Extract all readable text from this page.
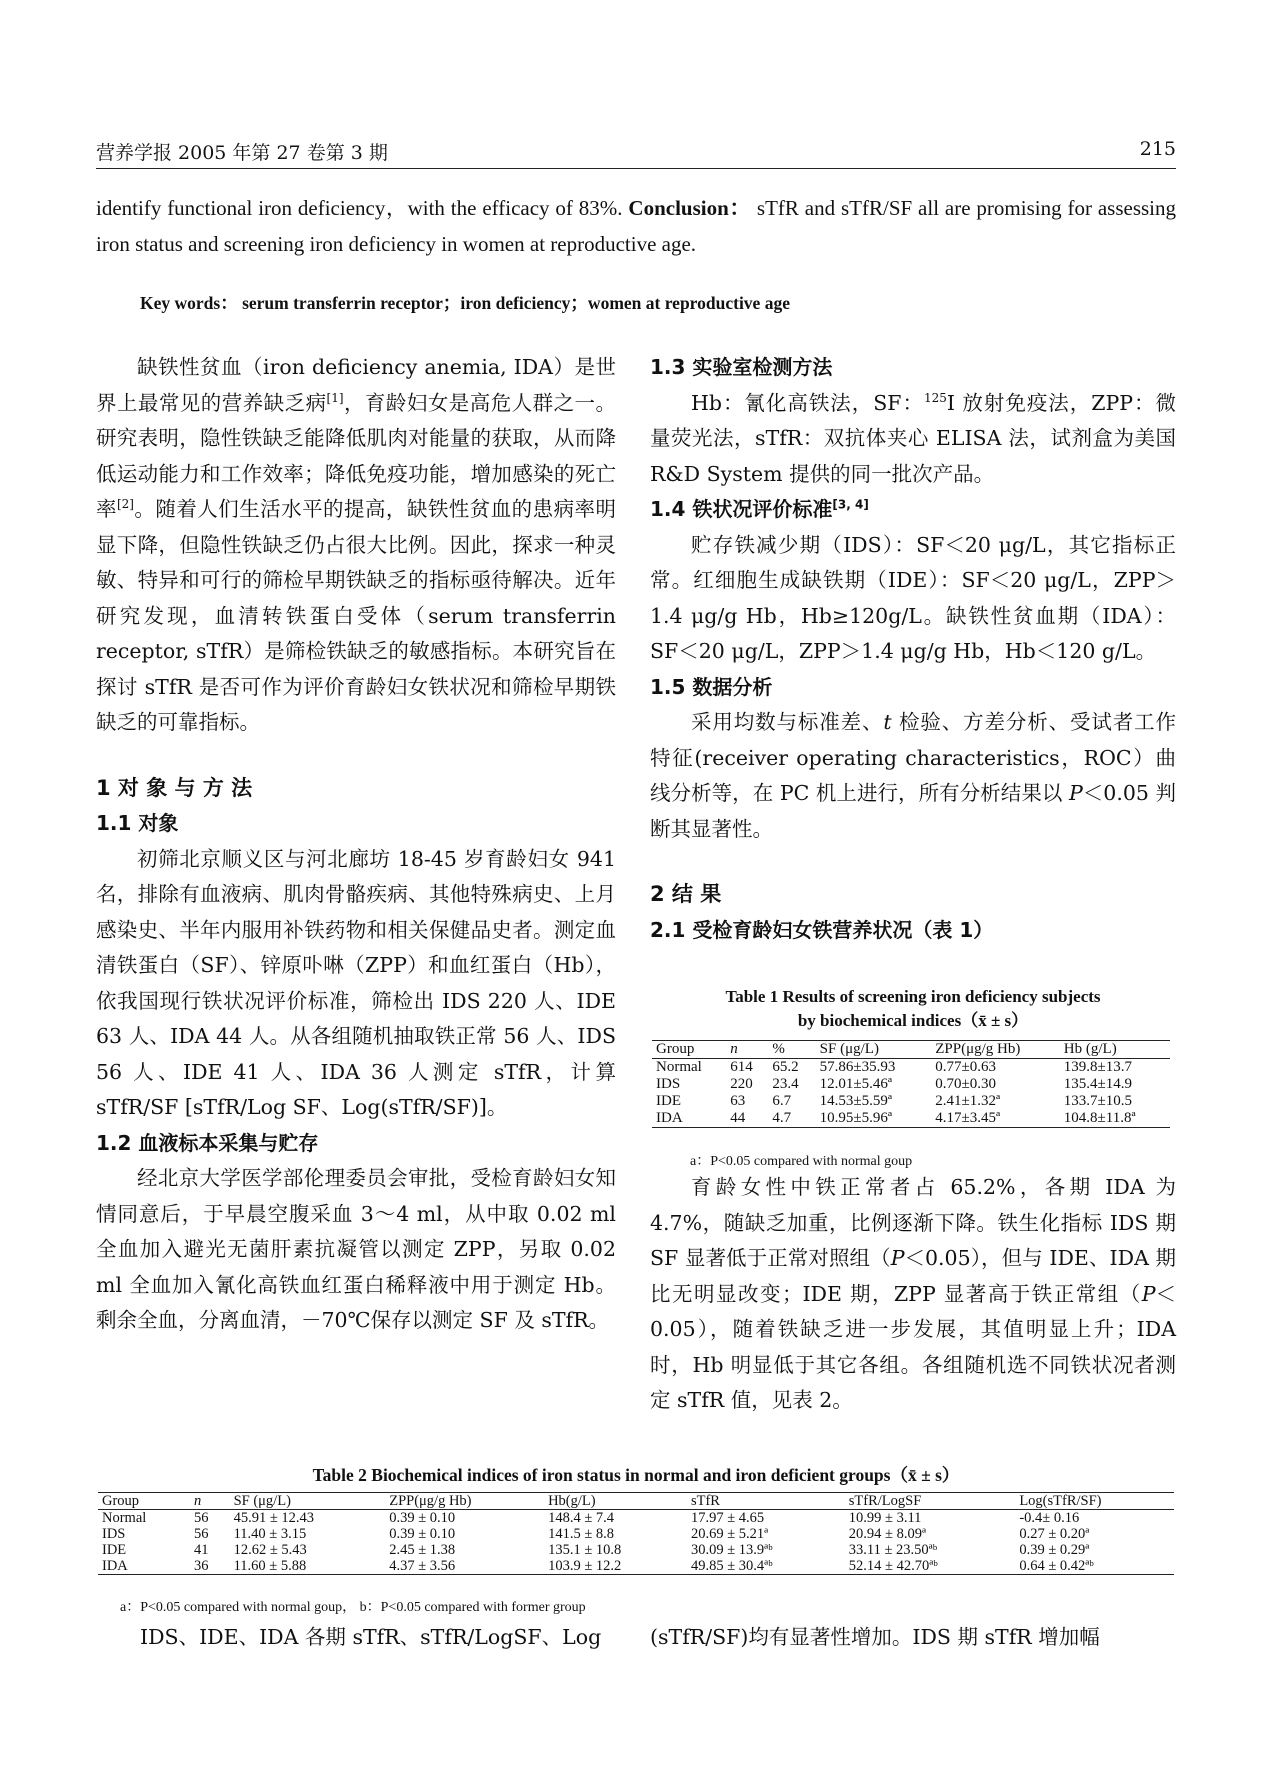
营养学报 2005 年第 27 卷第 3 期	215
identify functional iron deficiency，with the efficacy of 83%. Conclusion： sTfR and sTfR/SF all are promising for assessing iron status and screening iron deficiency in women at reproductive age.
Key words： serum transferrin receptor；iron deficiency；women at reproductive age

缺铁性贫血（iron deficiency anemia, IDA）是世界上最常见的营养缺乏病[1]，育龄妇女是高危人群之一。研究表明，隐性铁缺乏能降低肌肉对能量的获取，从而降低运动能力和工作效率；降低免疫功能，增加感染的死亡率[2]。随着人们生活水平的提高，缺铁性贫血的患病率明显下降，但隐性铁缺乏仍占很大比例。因此，探求一种灵敏、特异和可行的筛检早期铁缺乏的指标亟待解决。近年研究发现，血清转铁蛋白受体（serum transferrin receptor, sTfR）是筛检铁缺乏的敏感指标。本研究旨在探讨 sTfR 是否可作为评价育龄妇女铁状况和筛检早期铁缺乏的可靠指标。

1 对 象 与 方 法
1.1 对象

初筛北京顺义区与河北廊坊 18-45 岁育龄妇女 941 名，排除有血液病、肌肉骨骼疾病、其他特殊病史、上月感染史、半年内服用补铁药物和相关保健品史者。测定血清铁蛋白（SF）、锌原卟啉（ZPP）和血红蛋白（Hb），依我国现行铁状况评价标准，筛检出 IDS 220 人、IDE 63 人、IDA 44 人。从各组随机抽取铁正常 56 人、IDS 56 人、IDE 41 人、IDA 36 人测定 sTfR，计算 sTfR/SF [sTfR/Log SF、Log(sTfR/SF)]。

1.2 血液标本采集与贮存

经北京大学医学部伦理委员会审批，受检育龄妇女知情同意后，于早晨空腹采血 3～4 ml，从中取 0.02 ml 全血加入避光无菌肝素抗凝管以测定 ZPP，另取 0.02 ml 全血加入氰化高铁血红蛋白稀释液中用于测定 Hb。剩余全血，分离血清，－70℃保存以测定 SF 及 sTfR。

1.3 实验室检测方法

Hb：氰化高铁法，SF：$^{125}$I 放射免疫法，ZPP：微量荧光法，sTfR：双抗体夹心 ELISA 法，试剂盒为美国 R&D System 提供的同一批次产品。

1.4 铁状况评价标准[3, 4]

贮存铁减少期（IDS）：SF＜20 μg/L，其它指标正常。红细胞生成缺铁期（IDE）：SF＜20 μg/L，ZPP＞1.4 μg/g Hb，Hb≥120g/L。缺铁性贫血期（IDA）：SF＜20 μg/L，ZPP＞1.4 μg/g Hb，Hb＜120 g/L。

1.5 数据分析

采用均数与标准差、t 检验、方差分析、受试者工作特征(receiver operating characteristics，ROC）曲线分析等，在 PC 机上进行，所有分析结果以 P＜0.05 判断其显著性。

2 结 果
2.1 受检育龄妇女铁营养状况（表 1）

育龄女性中铁正常者占 65.2%，各期 IDA 为 4.7%，随缺乏加重，比例逐渐下降。铁生化指标 IDS 期 SF 显著低于正常对照组（P＜0.05），但与 IDE、IDA 期比无明显改变；IDE 期，ZPP 显著高于铁正常组（P＜0.05），随着铁缺乏进一步发展，其值明显上升；IDA 时，Hb 明显低于其它各组。各组随机选不同铁状况者测定 sTfR 值，见表 2。

Table 1 Results of screening iron deficiency subjects
by biochemical indices（x̄ ± s）
Group	n	%	SF (μg/L)	ZPP(μg/g Hb)	Hb (g/L)
Normal	614	65.2	57.86±35.93	0.77±0.63	139.8±13.7
IDS	220	23.4	12.01±5.46ª	0.70±0.30	135.4±14.9
IDE	63	6.7	14.53±5.59ª	2.41±1.32ª	133.7±10.5
IDA	44	4.7	10.95±5.96ª	4.17±3.45ª	104.8±11.8ª
a：P<0.05 compared with normal goup
Table 2 Biochemical indices of iron status in normal and iron deficient groups（x̄ ± s）
Group	n	SF (μg/L)	ZPP(μg/g Hb)	Hb(g/L)	sTfR	sTfR/LogSF	Log(sTfR/SF)
Normal	56	45.91 ± 12.43	0.39 ± 0.10	148.4 ± 7.4	17.97 ± 4.65	10.99 ± 3.11	-0.4± 0.16
IDS	56	11.40 ± 3.15	0.39 ± 0.10	141.5 ± 8.8	20.69 ± 5.21ª	20.94 ± 8.09ª	0.27 ± 0.20ª
IDE	41	12.62 ± 5.43	2.45 ± 1.38	135.1 ± 10.8	30.09 ± 13.9ªᵇ	33.11 ± 23.50ªᵇ	0.39 ± 0.29ª
IDA	36	11.60 ± 5.88	4.37 ± 3.56	103.9 ± 12.2	49.85 ± 30.4ªᵇ	52.14 ± 42.70ªᵇ	0.64 ± 0.42ªᵇ
a：P<0.05 compared with normal goup， b：P<0.05 compared with former group
IDS、IDE、IDA 各期 sTfR、sTfR/LogSF、Log (sTfR/SF)均有显著性增加。IDS 期 sTfR 增加幅
